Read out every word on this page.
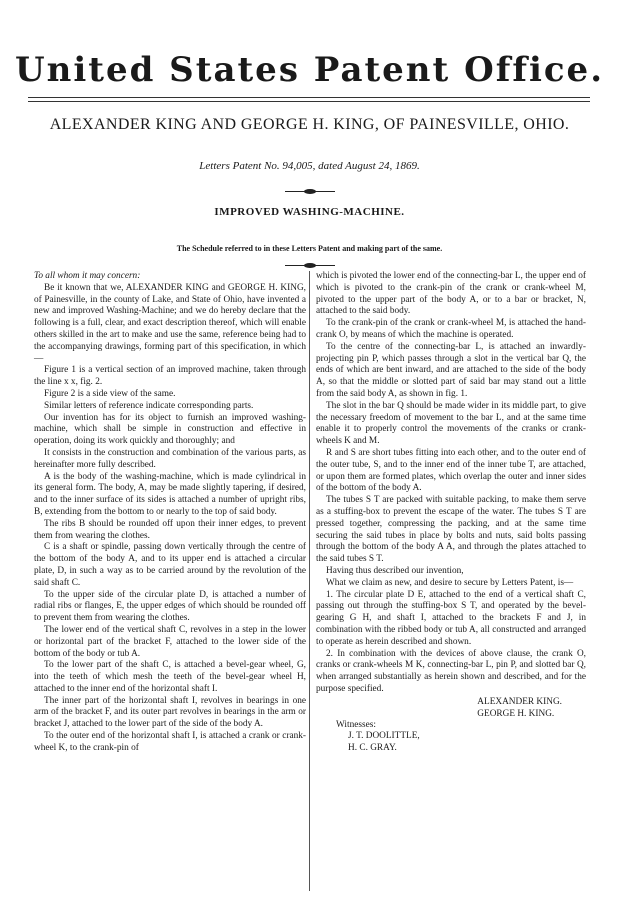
United States Patent Office.
ALEXANDER KING AND GEORGE H. KING, OF PAINESVILLE, OHIO.
Letters Patent No. 94,005, dated August 24, 1869.
IMPROVED WASHING-MACHINE.
The Schedule referred to in these Letters Patent and making part of the same.

To all whom it may concern:

Be it known that we, ALEXANDER KING and GEORGE H. KING, of Painesville, in the county of Lake, and State of Ohio, have invented a new and improved Washing-Machine; and we do hereby declare that the following is a full, clear, and exact description thereof, which will enable others skilled in the art to make and use the same, reference being had to the accompanying drawings, forming part of this specification, in which—

Figure 1 is a vertical section of an improved machine, taken through the line x x, fig. 2.

Figure 2 is a side view of the same.

Similar letters of reference indicate corresponding parts.

Our invention has for its object to furnish an improved washing-machine, which shall be simple in construction and effective in operation, doing its work quickly and thoroughly; and

It consists in the construction and combination of the various parts, as hereinafter more fully described.

A is the body of the washing-machine, which is made cylindrical in its general form. The body, A, may be made slightly tapering, if desired, and to the inner surface of its sides is attached a number of upright ribs, B, extending from the bottom to or nearly to the top of said body.

The ribs B should be rounded off upon their inner edges, to prevent them from wearing the clothes.

C is a shaft or spindle, passing down vertically through the centre of the bottom of the body A, and to its upper end is attached a circular plate, D, in such a way as to be carried around by the revolution of the said shaft C.

To the upper side of the circular plate D, is attached a number of radial ribs or flanges, E, the upper edges of which should be rounded off to prevent them from wearing the clothes.

The lower end of the vertical shaft C, revolves in a step in the lower or horizontal part of the bracket F, attached to the lower side of the bottom of the body or tub A.

To the lower part of the shaft C, is attached a bevel-gear wheel, G, into the teeth of which mesh the teeth of the bevel-gear wheel H, attached to the inner end of the horizontal shaft I.

The inner part of the horizontal shaft I, revolves in bearings in one arm of the bracket F, and its outer part revolves in bearings in the arm or bracket J, attached to the lower part of the side of the body A.

To the outer end of the horizontal shaft I, is attached a crank or crank-wheel K, to the crank-pin of

which is pivoted the lower end of the connecting-bar L, the upper end of which is pivoted to the crank-pin of the crank or crank-wheel M, pivoted to the upper part of the body A, or to a bar or bracket, N, attached to the said body.

To the crank-pin of the crank or crank-wheel M, is attached the hand-crank O, by means of which the machine is operated.

To the centre of the connecting-bar L, is attached an inwardly-projecting pin P, which passes through a slot in the vertical bar Q, the ends of which are bent inward, and are attached to the side of the body A, so that the middle or slotted part of said bar may stand out a little from the said body A, as shown in fig. 1.

The slot in the bar Q should be made wider in its middle part, to give the necessary freedom of movement to the bar L, and at the same time enable it to properly control the movements of the cranks or crank-wheels K and M.

R and S are short tubes fitting into each other, and to the outer end of the outer tube, S, and to the inner end of the inner tube T, are attached, or upon them are formed plates, which overlap the outer and inner sides of the bottom of the body A.

The tubes S T are packed with suitable packing, to make them serve as a stuffing-box to prevent the escape of the water. The tubes S T are pressed together, compressing the packing, and at the same time securing the said tubes in place by bolts and nuts, said bolts passing through the bottom of the body A A, and through the plates attached to the said tubes S T.

Having thus described our invention,

What we claim as new, and desire to secure by Letters Patent, is—

1. The circular plate D E, attached to the end of a vertical shaft C, passing out through the stuffing-box S T, and operated by the bevel-gearing G H, and shaft I, attached to the brackets F and J, in combination with the ribbed body or tub A, all constructed and arranged to operate as herein described and shown.

2. In combination with the devices of above clause, the crank O, cranks or crank-wheels M K, connecting-bar L, pin P, and slotted bar Q, when arranged substantially as herein shown and described, and for the purpose specified.

ALEXANDER KING.
GEORGE H. KING.

Witnesses:

J. T. DOOLITTLE,

H. C. GRAY.
